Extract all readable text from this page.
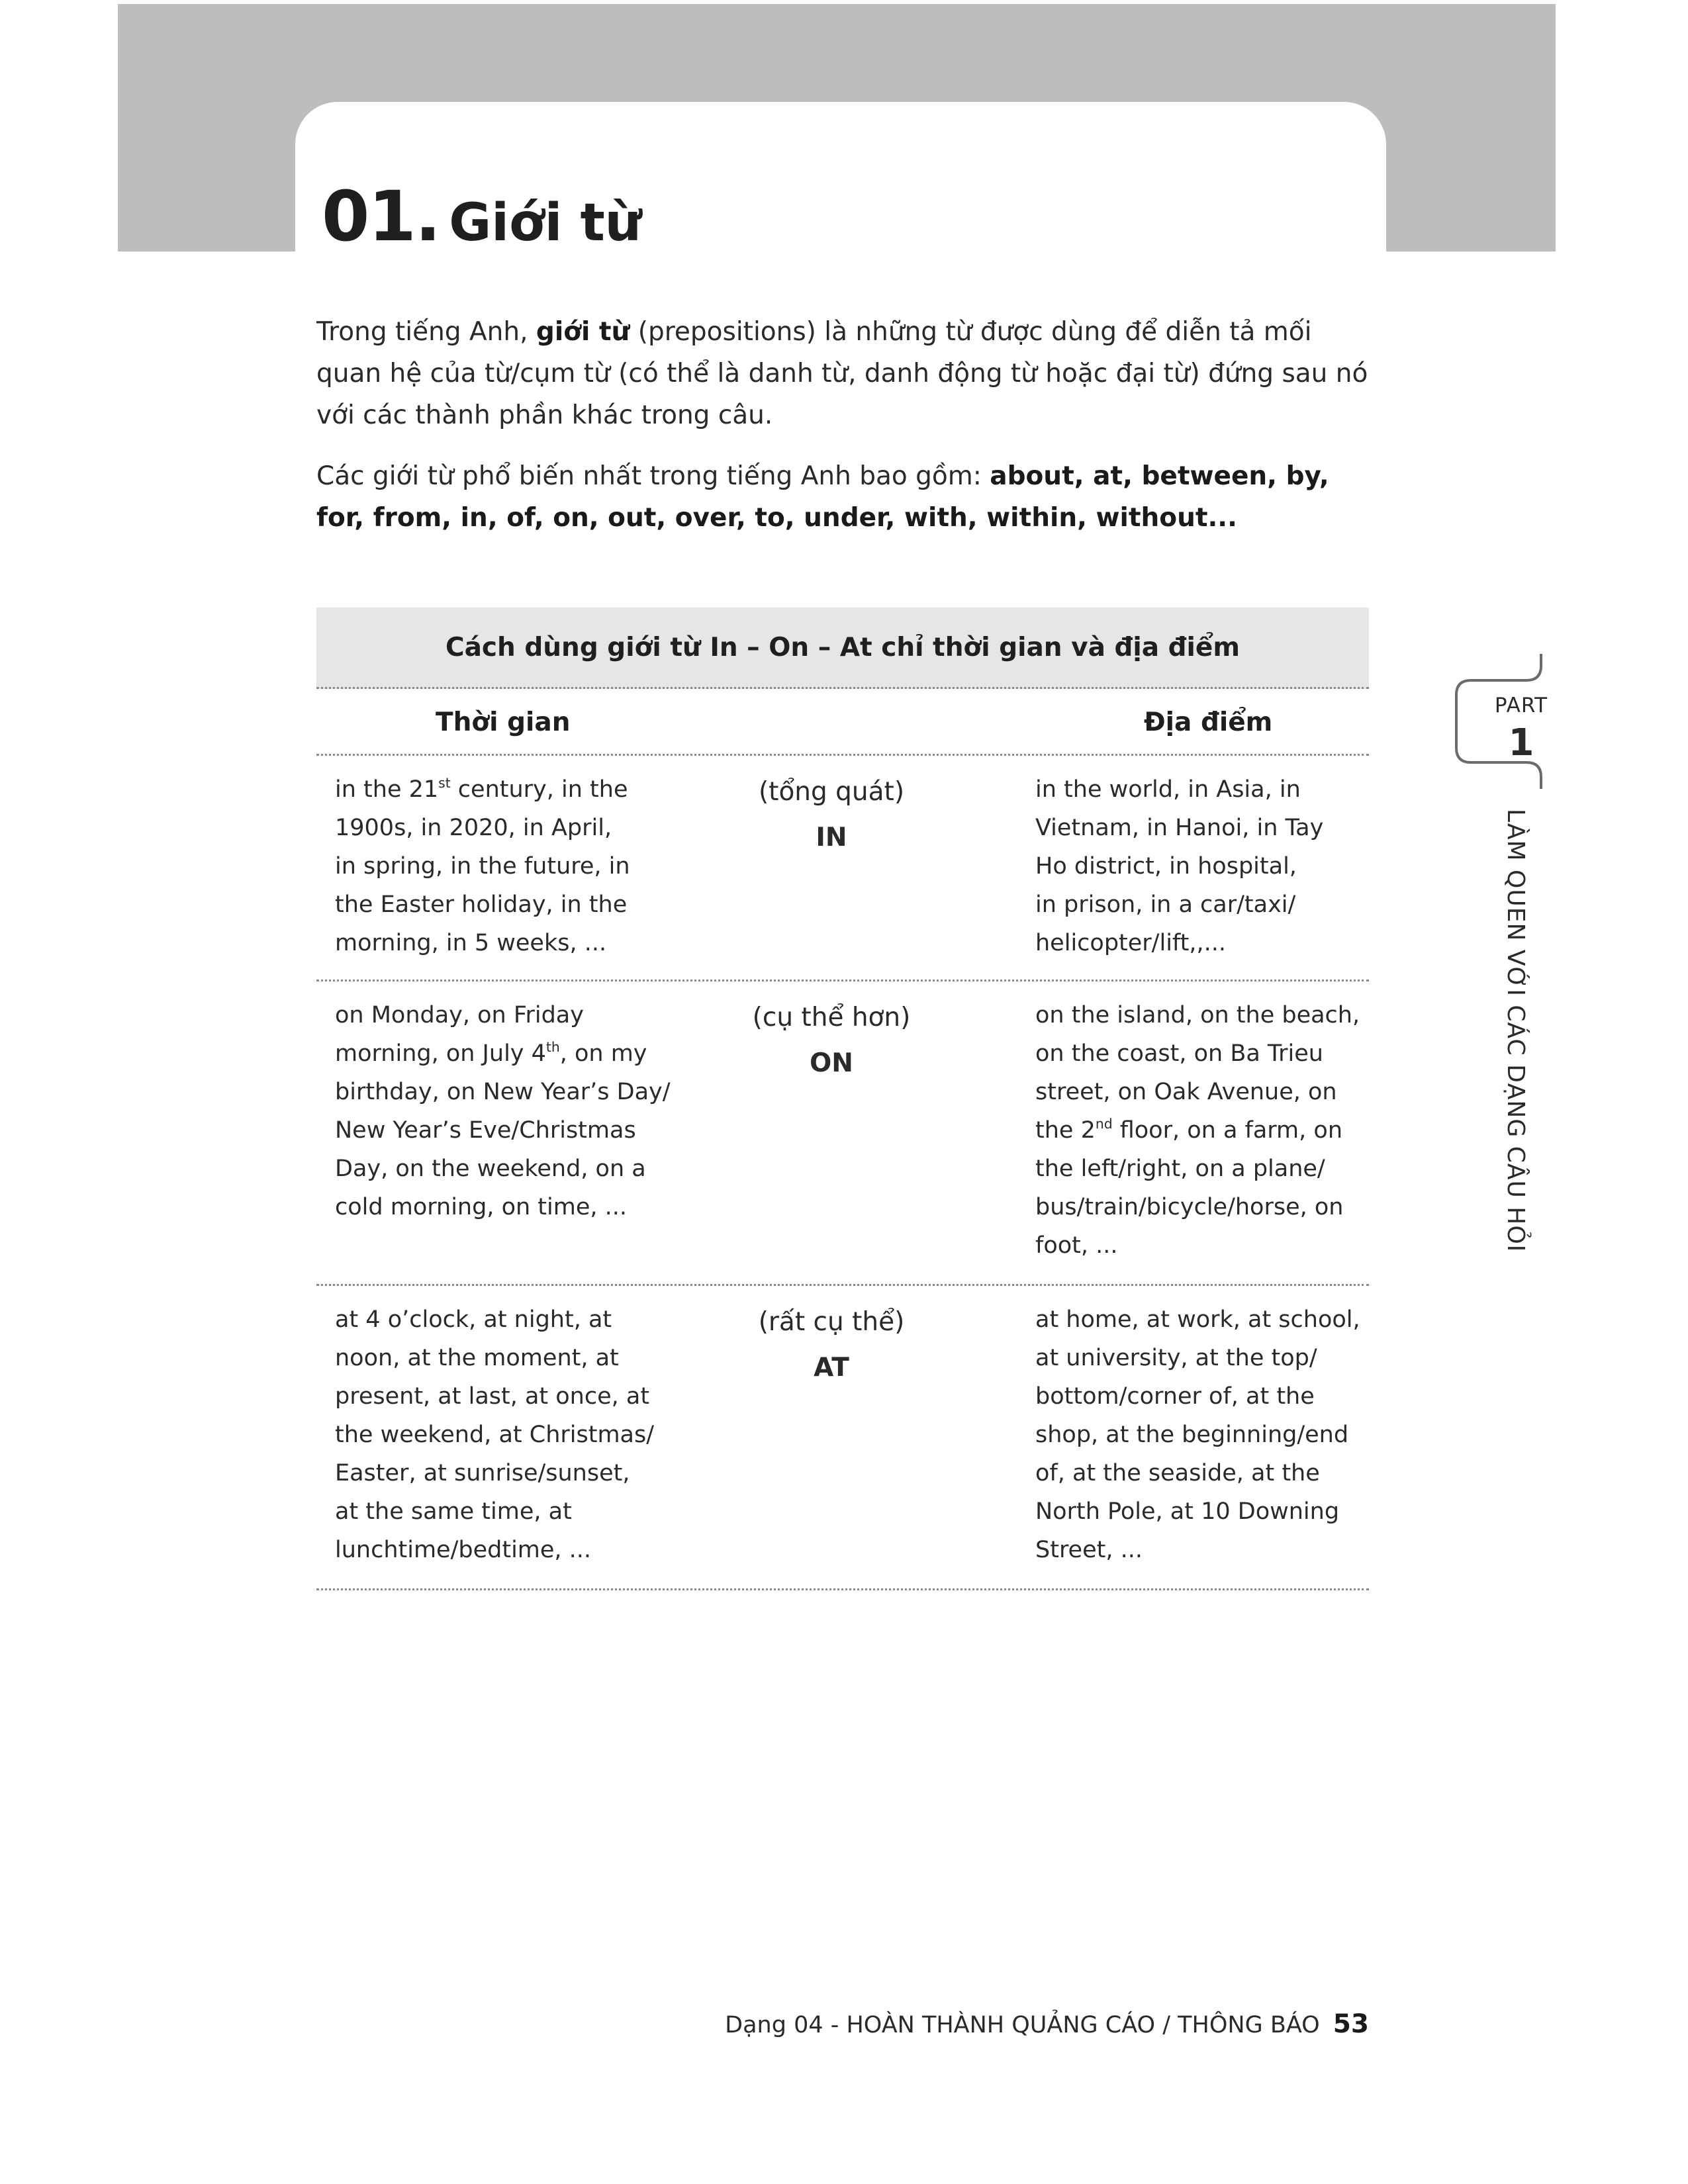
01. Giới từ

Trong tiếng Anh, giới từ (prepositions) là những từ được dùng để diễn tả mối quan hệ của từ/cụm từ (có thể là danh từ, danh động từ hoặc đại từ) đứng sau nó với các thành phần khác trong câu.

Các giới từ phổ biến nhất trong tiếng Anh bao gồm: about, at, between, by, for, from, in, of, on, out, over, to, under, with, within, without...

Cách dùng giới từ In – On – At chỉ thời gian và địa điểm
Thời gian	Địa điểm
in the 21st century, in the
1900s, in 2020, in April,
in spring, in the future, in
the Easter holiday, in the
morning, in 5 weeks, ...
(tổng quát)
IN
in the world, in Asia, in
Vietnam, in Hanoi, in Tay
Ho district, in hospital,
in prison, in a car/taxi/
helicopter/lift,,...
on Monday, on Friday
morning, on July 4th, on my
birthday, on New Year’s Day/
New Year’s Eve/Christmas
Day, on the weekend, on a
cold morning, on time, ...
(cụ thể hơn)
ON
on the island, on the beach,
on the coast, on Ba Trieu
street, on Oak Avenue, on
the 2nd floor, on a farm, on
the left/right, on a plane/
bus/train/bicycle/horse, on
foot, ...
at 4 o’clock, at night, at
noon, at the moment, at
present, at last, at once, at
the weekend, at Christmas/
Easter, at sunrise/sunset,
at the same time, at
lunchtime/bedtime, ...
(rất cụ thể)
AT
at home, at work, at school,
at university, at the top/
bottom/corner of, at the
shop, at the beginning/end
of, at the seaside, at the
North Pole, at 10 Downing
Street, ...
PART
1
LÀM QUEN VỚI CÁC DẠNG CÂU HỎI
Dạng 04 - HOÀN THÀNH QUẢNG CÁO / THÔNG BÁO 53
